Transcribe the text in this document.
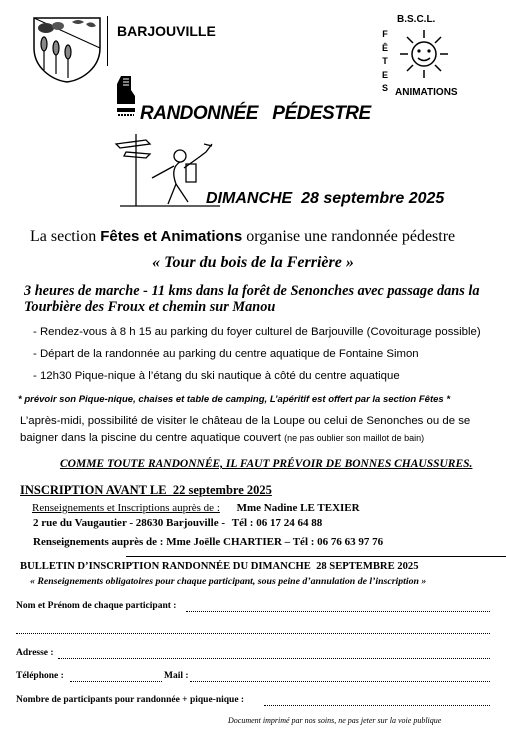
BARJOUVILLE
B.S.C.L.
F
Ê
T
E
S ANIMATIONS
RANDONNÉE   PÉDESTRE
DIMANCHE  28 septembre 2025
La section Fêtes et Animations organise une randonnée pédestre
« Tour du bois de la Ferrière »
3 heures de marche - 11 kms dans la forêt de Senonches avec passage dans la
Tourbière des Froux et chemin sur Manou
- Rendez-vous à 8 h 15 au parking du foyer culturel de Barjouville (Covoiturage possible)
- Départ de la randonnée au parking du centre aquatique de Fontaine Simon
- 12h30 Pique-nique à l’étang du ski nautique à côté du centre aquatique
* prévoir son Pique-nique, chaises et table de camping, L’apéritif est offert par la section Fêtes *
L’après-midi, possibilité de visiter le château de la Loupe ou celui de Senonches ou de se
baigner dans la piscine du centre aquatique couvert (ne pas oublier son maillot de bain)
COMME TOUTE RANDONNÉE, IL FAUT PRÉVOIR DE BONNES CHAUSSURES.
INSCRIPTION AVANT LE  22 septembre 2025
Renseignements et Inscriptions auprès de : Mme Nadine LE TEXIER
2 rue du Vaugautier - 28630 Barjouville - Tél : 06 17 24 64 88
Renseignements auprès de : Mme Joëlle CHARTIER – Tél : 06 76 63 97 76
BULLETIN D’INSCRIPTION RANDONNÉE DU DIMANCHE  28 SEPTEMBRE 2025
« Renseignements obligatoires pour chaque participant, sous peine d’annulation de l’inscription »
Nom et Prénom de chaque participant :
Adresse :
Téléphone :	Mail :
Nombre de participants pour randonnée + pique-nique :
Document imprimé par nos soins, ne pas jeter sur la voie publique
